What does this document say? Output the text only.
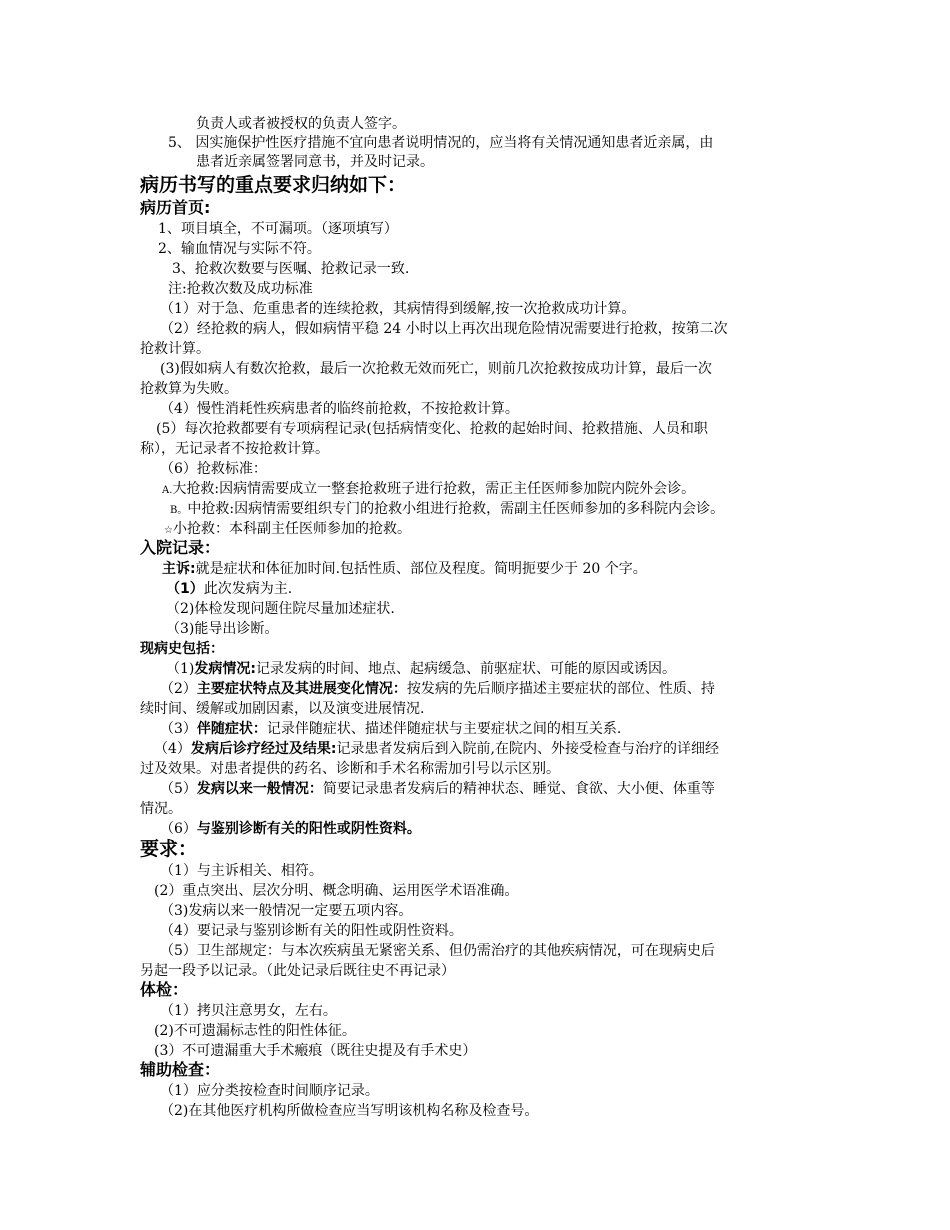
负责人或者被授权的负责人签字。
5、 因实施保护性医疗措施不宜向患者说明情况的，应当将有关情况通知患者近亲属，由
患者近亲属签署同意书，并及时记录。
病历书写的重点要求归纳如下：
病历首页:
1、项目填全，不可漏项。（逐项填写）
2、输血情况与实际不符。
3、抢救次数要与医嘱、抢救记录一致.
注:抢救次数及成功标准
（1）对于急、危重患者的连续抢救，其病情得到缓解,按一次抢救成功计算。
（2）经抢救的病人，假如病情平稳 24 小时以上再次出现危险情况需要进行抢救，按第二次
抢救计算。
(3)假如病人有数次抢救，最后一次抢救无效而死亡，则前几次抢救按成功计算，最后一次
抢救算为失败。
（4）慢性消耗性疾病患者的临终前抢救，不按抢救计算。
(5）每次抢救都要有专项病程记录(包括病情变化、抢救的起始时间、抢救措施、人员和职
称），无记录者不按抢救计算。
（6）抢救标准：
A.大抢救:因病情需要成立一整套抢救班子进行抢救，需正主任医师参加院内院外会诊。
B。中抢救:因病情需要组织专门的抢救小组进行抢救，需副主任医师参加的多科院内会诊。
☆小抢救：本科副主任医师参加的抢救。
入院记录：
主诉:就是症状和体征加时间.包括性质、部位及程度。简明扼要少于 20 个字。
（1）此次发病为主.
（2)体检发现问题住院尽量加述症状.
（3)能导出诊断。
现病史包括：
（1)发病情况:记录发病的时间、地点、起病缓急、前驱症状、可能的原因或诱因。
（2）主要症状特点及其进展变化情况：按发病的先后顺序描述主要症状的部位、性质、持
续时间、缓解或加剧因素，以及演变进展情况.
（3）伴随症状：记录伴随症状、描述伴随症状与主要症状之间的相互关系.
（4）发病后诊疗经过及结果:记录患者发病后到入院前,在院内、外接受检查与治疗的详细经
过及效果。对患者提供的药名、诊断和手术名称需加引号以示区别。
（5）发病以来一般情况：简要记录患者发病后的精神状态、睡觉、食欲、大小便、体重等
情况。
（6）与鉴别诊断有关的阳性或阴性资料。
要求：
（1）与主诉相关、相符。
(2）重点突出、层次分明、概念明确、运用医学术语准确。
（3)发病以来一般情况一定要五项内容。
（4）要记录与鉴别诊断有关的阳性或阴性资料。
（5）卫生部规定：与本次疾病虽无紧密关系、但仍需治疗的其他疾病情况，可在现病史后
另起一段予以记录。（此处记录后既往史不再记录）
体检：
（1）拷贝注意男女，左右。
(2)不可遗漏标志性的阳性体征。
(3）不可遗漏重大手术瘢痕（既往史提及有手术史）
辅助检查：
（1）应分类按检查时间顺序记录。
（2)在其他医疗机构所做检查应当写明该机构名称及检查号。
